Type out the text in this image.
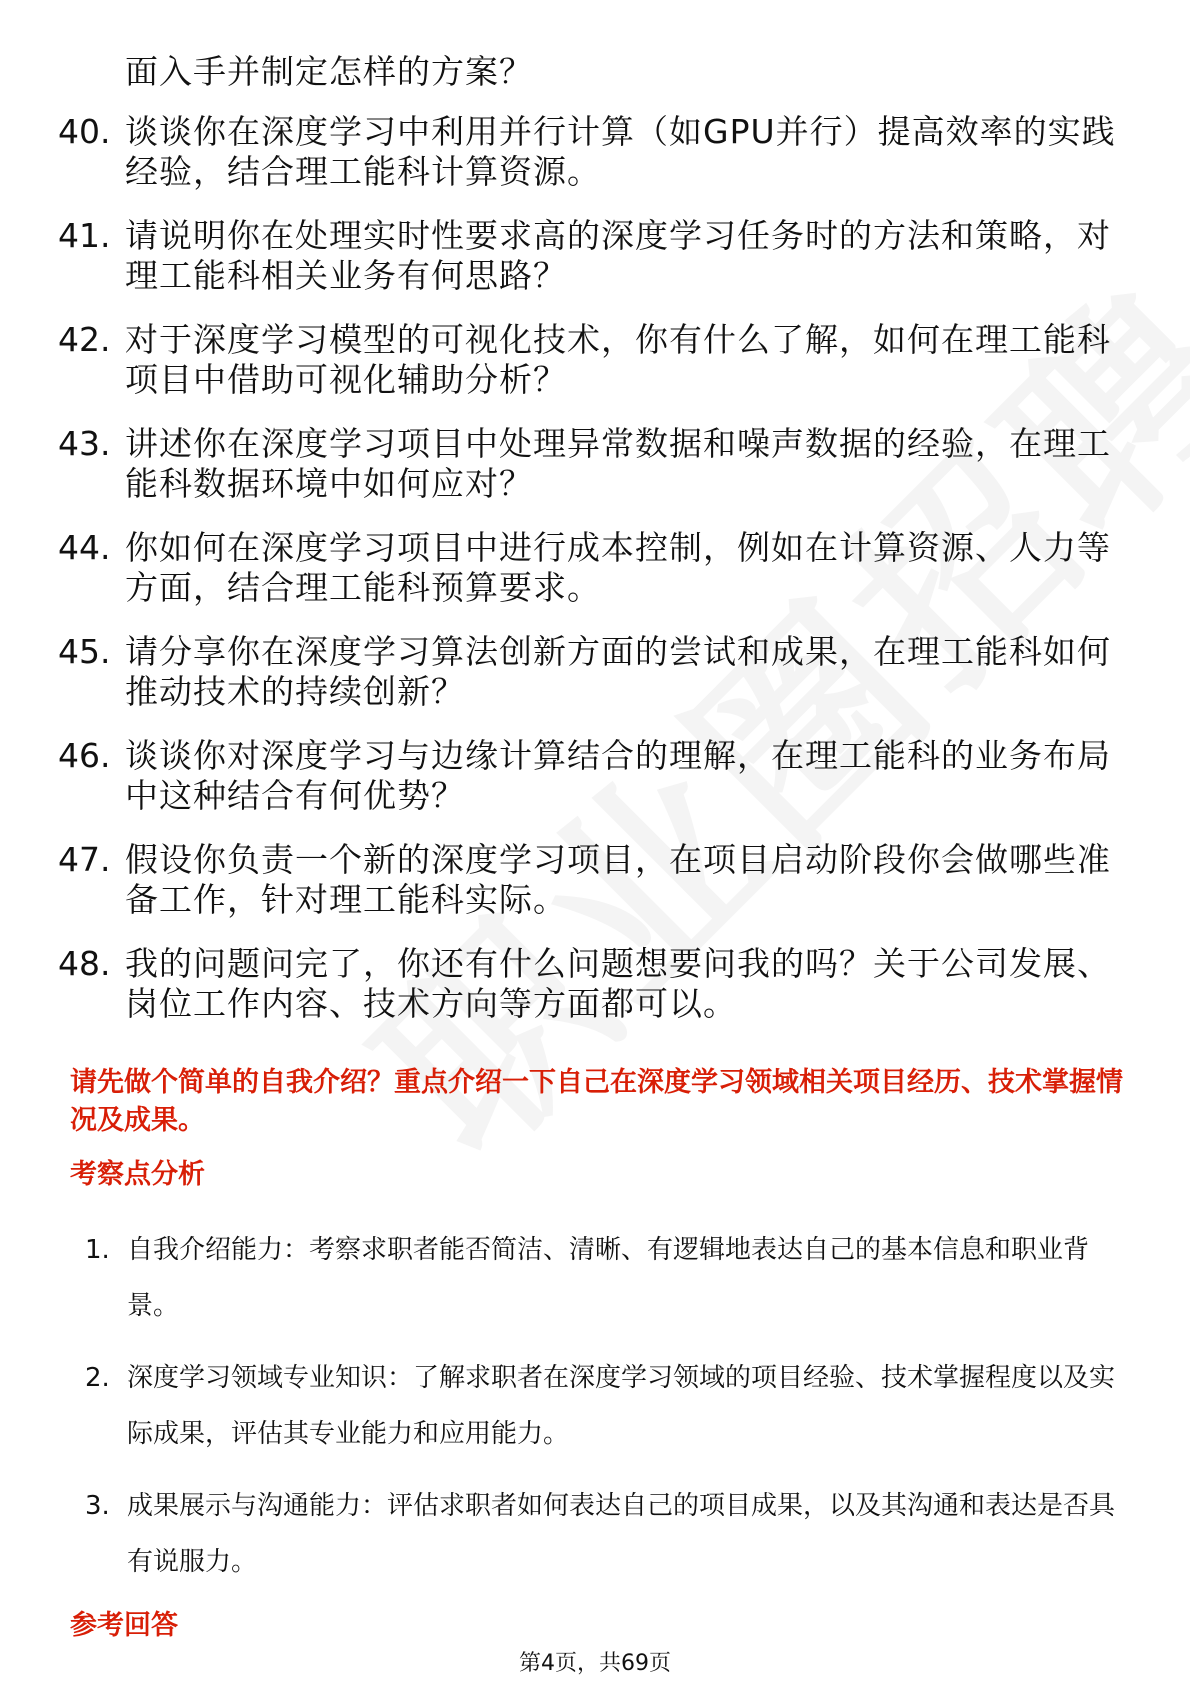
面入手并制定怎样的方案？
40. 谈谈你在深度学习中利用并行计算（如GPU并行）提高效率的实践经验，结合理工能科计算资源。
41. 请说明你在处理实时性要求高的深度学习任务时的方法和策略，对理工能科相关业务有何思路？
42. 对于深度学习模型的可视化技术，你有什么了解，如何在理工能科项目中借助可视化辅助分析？
43. 讲述你在深度学习项目中处理异常数据和噪声数据的经验，在理工能科数据环境中如何应对？
44. 你如何在深度学习项目中进行成本控制，例如在计算资源、人力等方面，结合理工能科预算要求。
45. 请分享你在深度学习算法创新方面的尝试和成果，在理工能科如何推动技术的持续创新？
46. 谈谈你对深度学习与边缘计算结合的理解，在理工能科的业务布局中这种结合有何优势？
47. 假设你负责一个新的深度学习项目，在项目启动阶段你会做哪些准备工作，针对理工能科实际。
48. 我的问题问完了，你还有什么问题想要问我的吗？关于公司发展、岗位工作内容、技术方向等方面都可以。
请先做个简单的自我介绍？重点介绍一下自己在深度学习领域相关项目经历、技术掌握情况及成果。
考察点分析
1. 自我介绍能力：考察求职者能否简洁、清晰、有逻辑地表达自己的基本信息和职业背景。
2. 深度学习领域专业知识：了解求职者在深度学习领域的项目经验、技术掌握程度以及实际成果，评估其专业能力和应用能力。
3. 成果展示与沟通能力：评估求职者如何表达自己的项目成果，以及其沟通和表达是否具有说服力。
参考回答
第4页，共69页
